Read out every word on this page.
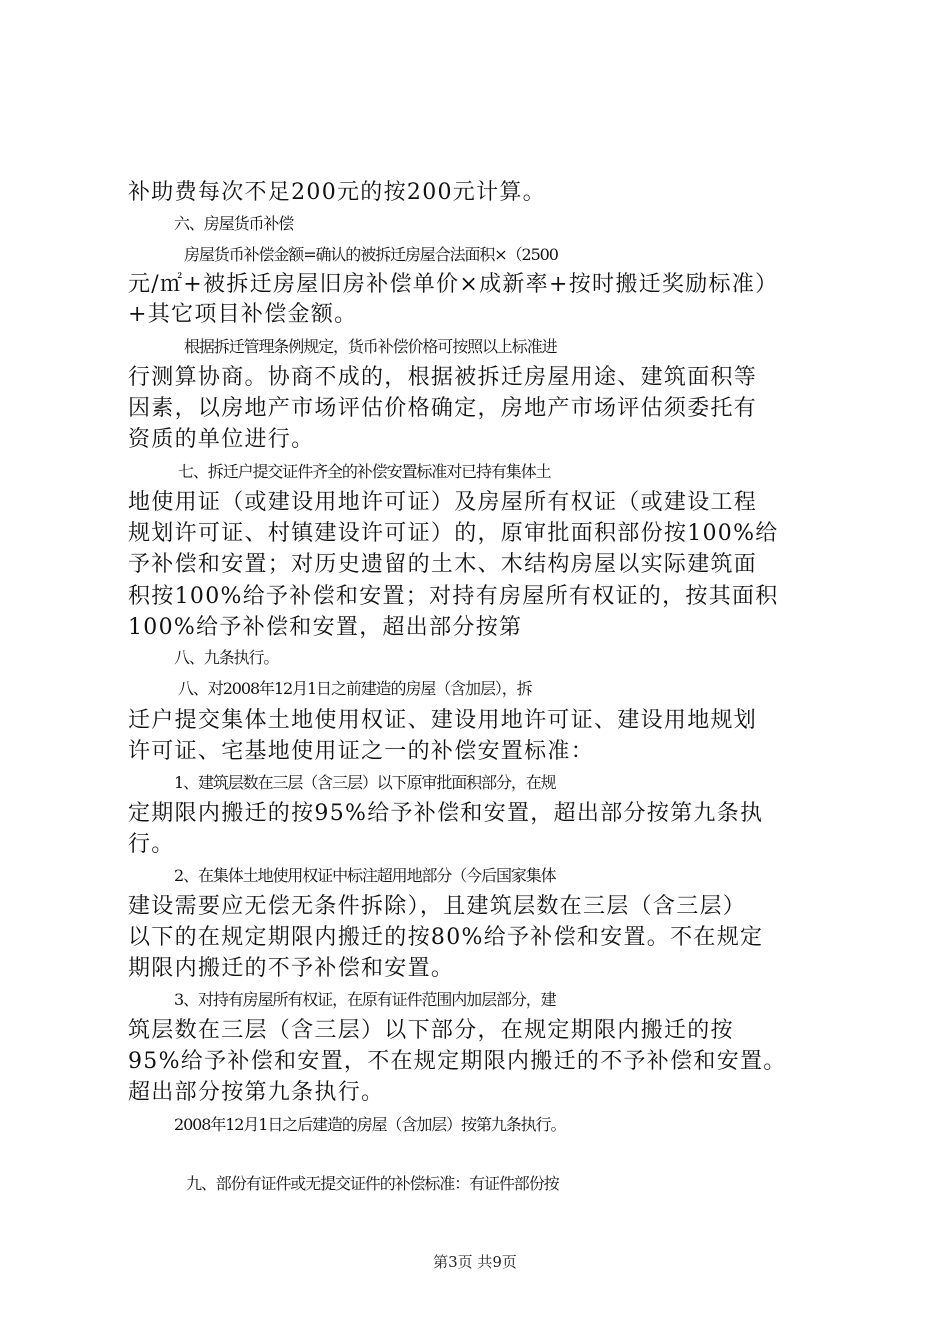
补助费每次不足200元的按200元计算。
六、房屋货币补偿
房屋货币补偿金额=确认的被拆迁房屋合法面积×（2500
元/㎡+被拆迁房屋旧房补偿单价×成新率+按时搬迁奖励标准）
+其它项目补偿金额。
根据拆迁管理条例规定，货币补偿价格可按照以上标准进
行测算协商。协商不成的，根据被拆迁房屋用途、建筑面积等
因素，以房地产市场评估价格确定，房地产市场评估须委托有
资质的单位进行。
七、拆迁户提交证件齐全的补偿安置标准对已持有集体土
地使用证（或建设用地许可证）及房屋所有权证（或建设工程
规划许可证、村镇建设许可证）的，原审批面积部份按100%给
予补偿和安置；对历史遗留的土木、木结构房屋以实际建筑面
积按100%给予补偿和安置；对持有房屋所有权证的，按其面积
100%给予补偿和安置，超出部分按第
八、九条执行。
八、对2008年12月1日之前建造的房屋（含加层），拆
迁户提交集体土地使用权证、建设用地许可证、建设用地规划
许可证、宅基地使用证之一的补偿安置标准：
1、建筑层数在三层（含三层）以下原审批面积部分，在规
定期限内搬迁的按95%给予补偿和安置，超出部分按第九条执
行。
2、在集体土地使用权证中标注超用地部分（今后国家集体
建设需要应无偿无条件拆除），且建筑层数在三层（含三层）
以下的在规定期限内搬迁的按80%给予补偿和安置。不在规定
期限内搬迁的不予补偿和安置。
3、对持有房屋所有权证，在原有证件范围内加层部分，建
筑层数在三层（含三层）以下部分，在规定期限内搬迁的按
95%给予补偿和安置，不在规定期限内搬迁的不予补偿和安置。
超出部分按第九条执行。
2008年12月1日之后建造的房屋（含加层）按第九条执行。
九、部份有证件或无提交证件的补偿标准：有证件部份按
第3页 共9页
